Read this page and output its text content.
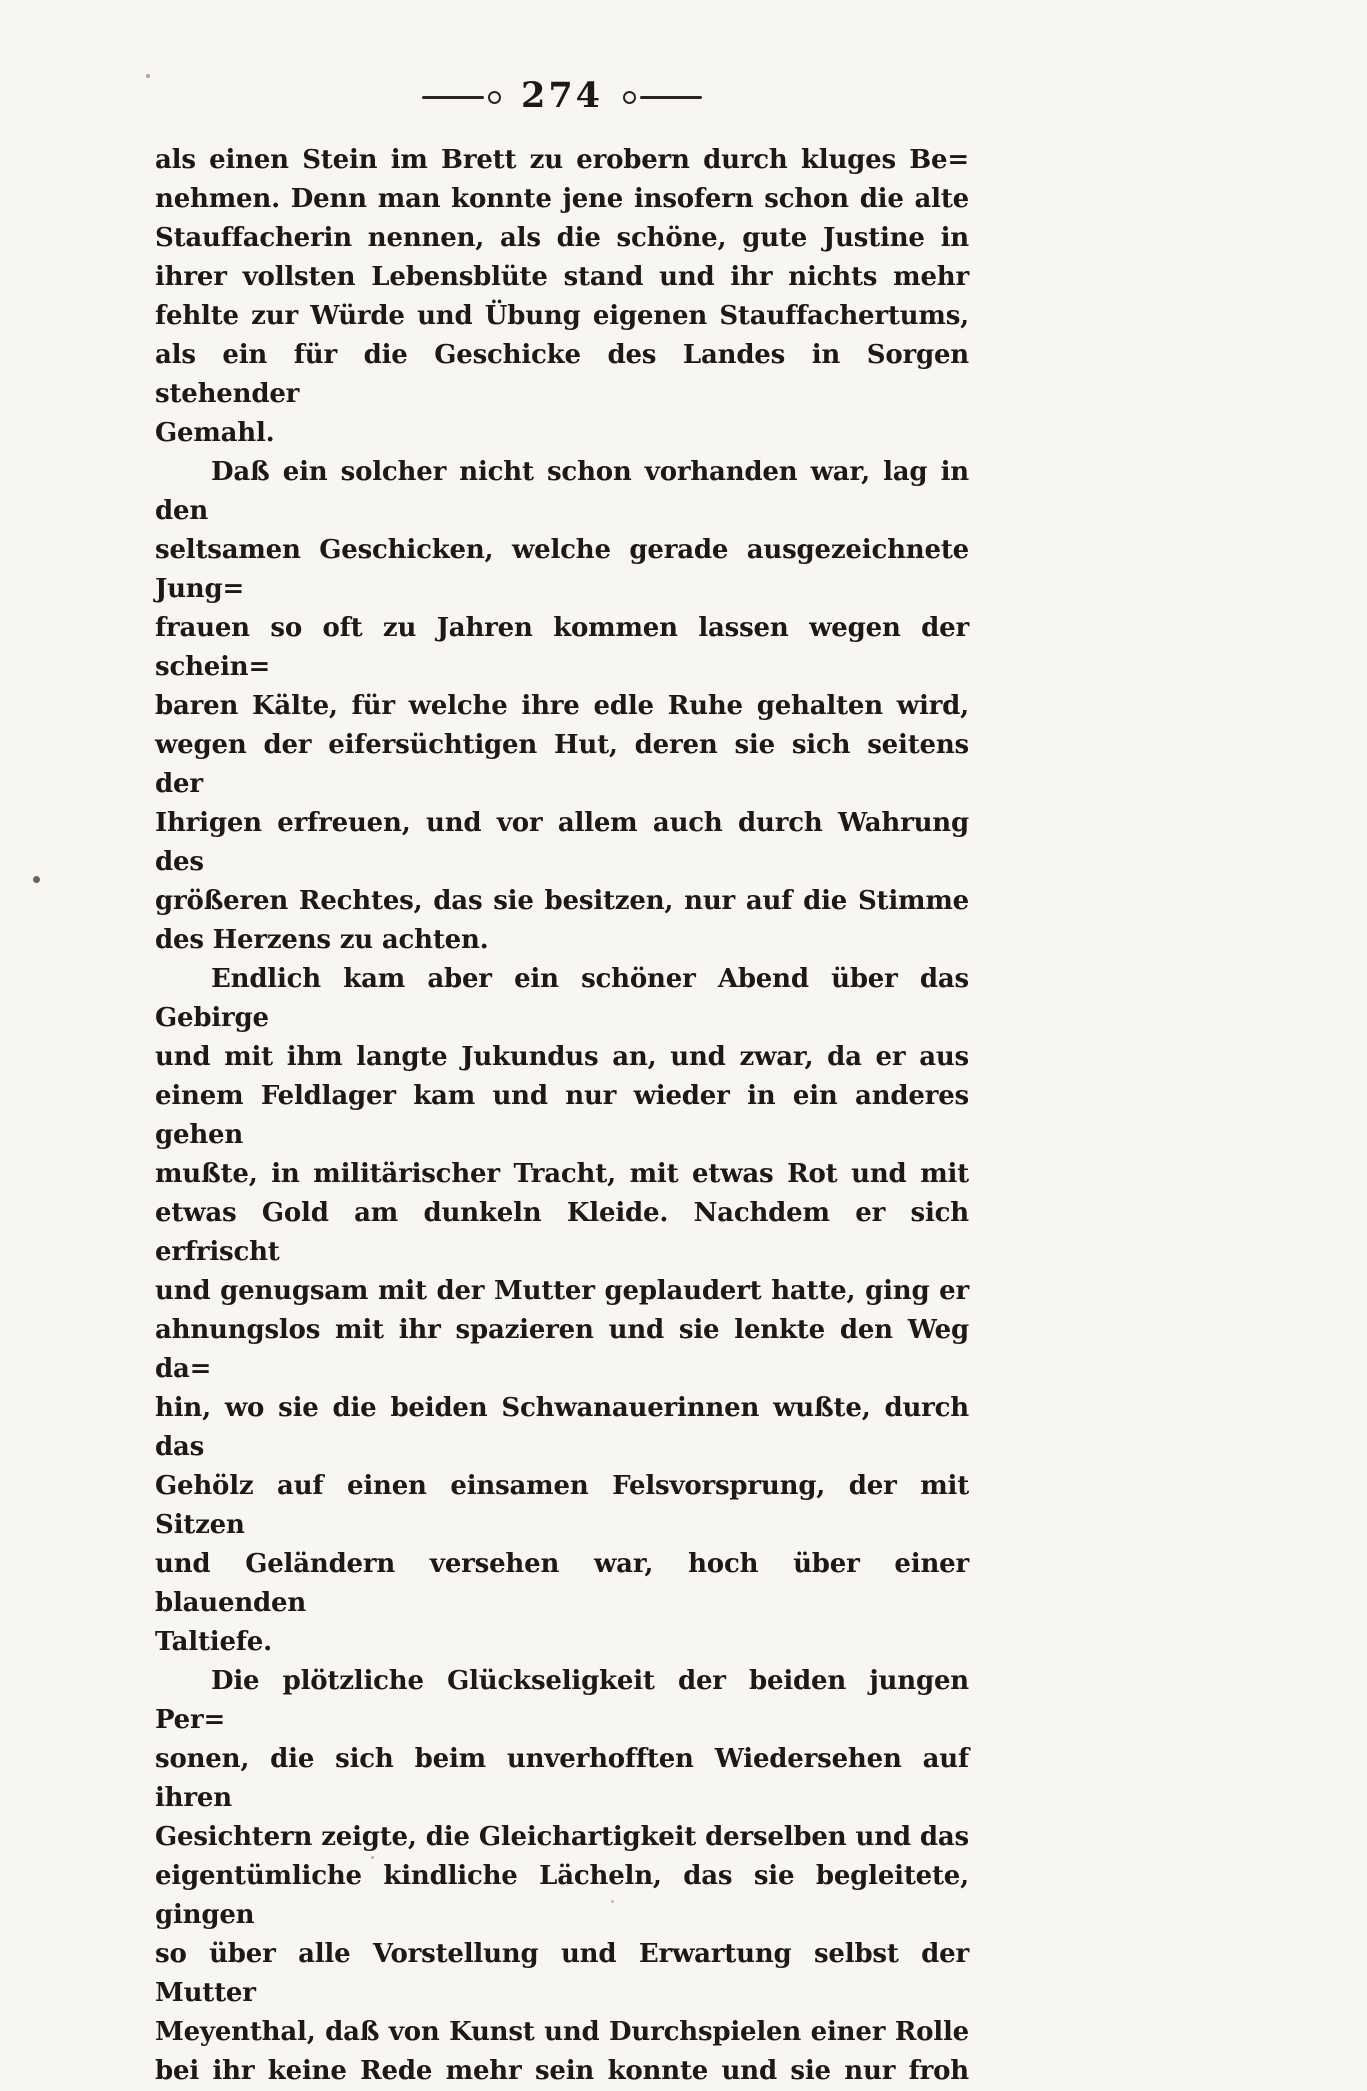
274
als einen Stein im Brett zu erobern durch kluges Be=
nehmen. Denn man konnte jene insofern schon die alte
Stauffacherin nennen, als die schöne, gute Justine in
ihrer vollsten Lebensblüte stand und ihr nichts mehr
fehlte zur Würde und Übung eigenen Stauffachertums,
als ein für die Geschicke des Landes in Sorgen stehender
Gemahl.
Daß ein solcher nicht schon vorhanden war, lag in den
seltsamen Geschicken, welche gerade ausgezeichnete Jung=
frauen so oft zu Jahren kommen lassen wegen der schein=
baren Kälte, für welche ihre edle Ruhe gehalten wird,
wegen der eifersüchtigen Hut, deren sie sich seitens der
Ihrigen erfreuen, und vor allem auch durch Wahrung des
größeren Rechtes, das sie besitzen, nur auf die Stimme
des Herzens zu achten.
Endlich kam aber ein schöner Abend über das Gebirge
und mit ihm langte Jukundus an, und zwar, da er aus
einem Feldlager kam und nur wieder in ein anderes gehen
mußte, in militärischer Tracht, mit etwas Rot und mit
etwas Gold am dunkeln Kleide. Nachdem er sich erfrischt
und genugsam mit der Mutter geplaudert hatte, ging er
ahnungslos mit ihr spazieren und sie lenkte den Weg da=
hin, wo sie die beiden Schwanauerinnen wußte, durch das
Gehölz auf einen einsamen Felsvorsprung, der mit Sitzen
und Geländern versehen war, hoch über einer blauenden
Taltiefe.
Die plötzliche Glückseligkeit der beiden jungen Per=
sonen, die sich beim unverhofften Wiedersehen auf ihren
Gesichtern zeigte, die Gleichartigkeit derselben und das
eigentümliche kindliche Lächeln, das sie begleitete, gingen
so über alle Vorstellung und Erwartung selbst der Mutter
Meyenthal, daß von Kunst und Durchspielen einer Rolle
bei ihr keine Rede mehr sein konnte und sie nur froh
